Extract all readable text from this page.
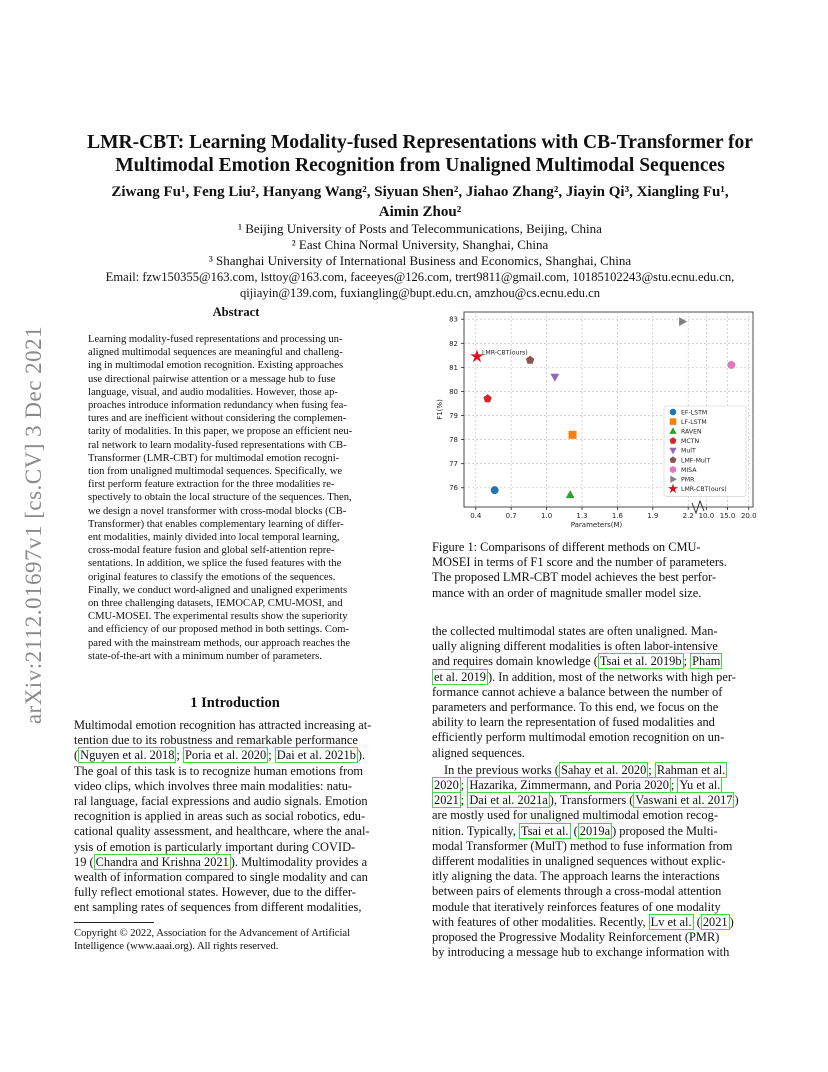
arXiv:2112.01697v1 [cs.CV] 3 Dec 2021
LMR-CBT: Learning Modality-fused Representations with CB-Transformer for
Multimodal Emotion Recognition from Unaligned Multimodal Sequences
Ziwang Fu¹, Feng Liu², Hanyang Wang², Siyuan Shen², Jiahao Zhang², Jiayin Qi³, Xiangling Fu¹,
Aimin Zhou²
¹ Beijing University of Posts and Telecommunications, Beijing, China
² East China Normal University, Shanghai, China
³ Shanghai University of International Business and Economics, Shanghai, China
Email: fzw150355@163.com, lsttoy@163.com, faceeyes@126.com, trert9811@gmail.com, 10185102243@stu.ecnu.edu.cn,
qijiayin@139.com, fuxiangling@bupt.edu.cn, amzhou@cs.ecnu.edu.cn
Abstract
Learning modality-fused representations and processing un-
aligned multimodal sequences are meaningful and challeng-
ing in multimodal emotion recognition. Existing approaches
use directional pairwise attention or a message hub to fuse
language, visual, and audio modalities. However, those ap-
proaches introduce information redundancy when fusing fea-
tures and are inefficient without considering the complemen-
tarity of modalities. In this paper, we propose an efficient neu-
ral network to learn modality-fused representations with CB-
Transformer (LMR-CBT) for multimodal emotion recogni-
tion from unaligned multimodal sequences. Specifically, we
first perform feature extraction for the three modalities re-
spectively to obtain the local structure of the sequences. Then,
we design a novel transformer with cross-modal blocks (CB-
Transformer) that enables complementary learning of differ-
ent modalities, mainly divided into local temporal learning,
cross-modal feature fusion and global self-attention repre-
sentations. In addition, we splice the fused features with the
original features to classify the emotions of the sequences.
Finally, we conduct word-aligned and unaligned experiments
on three challenging datasets, IEMOCAP, CMU-MOSI, and
CMU-MOSEI. The experimental results show the superiority
and efficiency of our proposed method in both settings. Com-
pared with the mainstream methods, our approach reaches the
state-of-the-art with a minimum number of parameters.
1 Introduction
Multimodal emotion recognition has attracted increasing at-
tention due to its robustness and remarkable performance
( Nguyen et al. 2018 ; Poria et al. 2020 ; Dai et al. 2021b ).
The goal of this task is to recognize human emotions from
video clips, which involves three main modalities: natu-
ral language, facial expressions and audio signals. Emotion
recognition is applied in areas such as social robotics, edu-
cational quality assessment, and healthcare, where the anal-
ysis of emotion is particularly important during COVID-
19 ( Chandra and Krishna 2021 ). Multimodality provides a
wealth of information compared to single modality and can
fully reflect emotional states. However, due to the differ-
ent sampling rates of sequences from different modalities,
Copyright © 2022, Association for the Advancement of Artificial
Intelligence (www.aaai.org). All rights reserved.
76
77
78
79
80
81
82
83
0.4	0.7	1.0	1.3	1.6	1.9	2.2 10.0 15.0 20.0
Parameters(M)
F1(%)
LMR-CBT(ours)
EF-LSTM
LF-LSTM
RAVEN
MCTN
MulT
LMF-MulT
MISA
PMR
LMR-CBT(ours)
Figure 1: Comparisons of different methods on CMU-
MOSEI in terms of F1 score and the number of parameters.
The proposed LMR-CBT model achieves the best perfor-
mance with an order of magnitude smaller model size.
the collected multimodal states are often unaligned. Man-
ually aligning different modalities is often labor-intensive
and requires domain knowledge ( Tsai et al. 2019b ; Pham
et al. 2019 ). In addition, most of the networks with high per-
formance cannot achieve a balance between the number of
parameters and performance. To this end, we focus on the
ability to learn the representation of fused modalities and
efficiently perform multimodal emotion recognition on un-
aligned sequences.
In the previous works ( Sahay et al. 2020 ; Rahman et al.
2020 ; Hazarika, Zimmermann, and Poria 2020 ; Yu et al.
2021 ; Dai et al. 2021a ), Transformers ( Vaswani et al. 2017 )
are mostly used for unaligned multimodal emotion recog-
nition. Typically, Tsai et al. ( 2019a ) proposed the Multi-
modal Transformer (MulT) method to fuse information from
different modalities in unaligned sequences without explic-
itly aligning the data. The approach learns the interactions
between pairs of elements through a cross-modal attention
module that iteratively reinforces features of one modality
with features of other modalities. Recently, Lv et al. ( 2021 )
proposed the Progressive Modality Reinforcement (PMR)
by introducing a message hub to exchange information with
